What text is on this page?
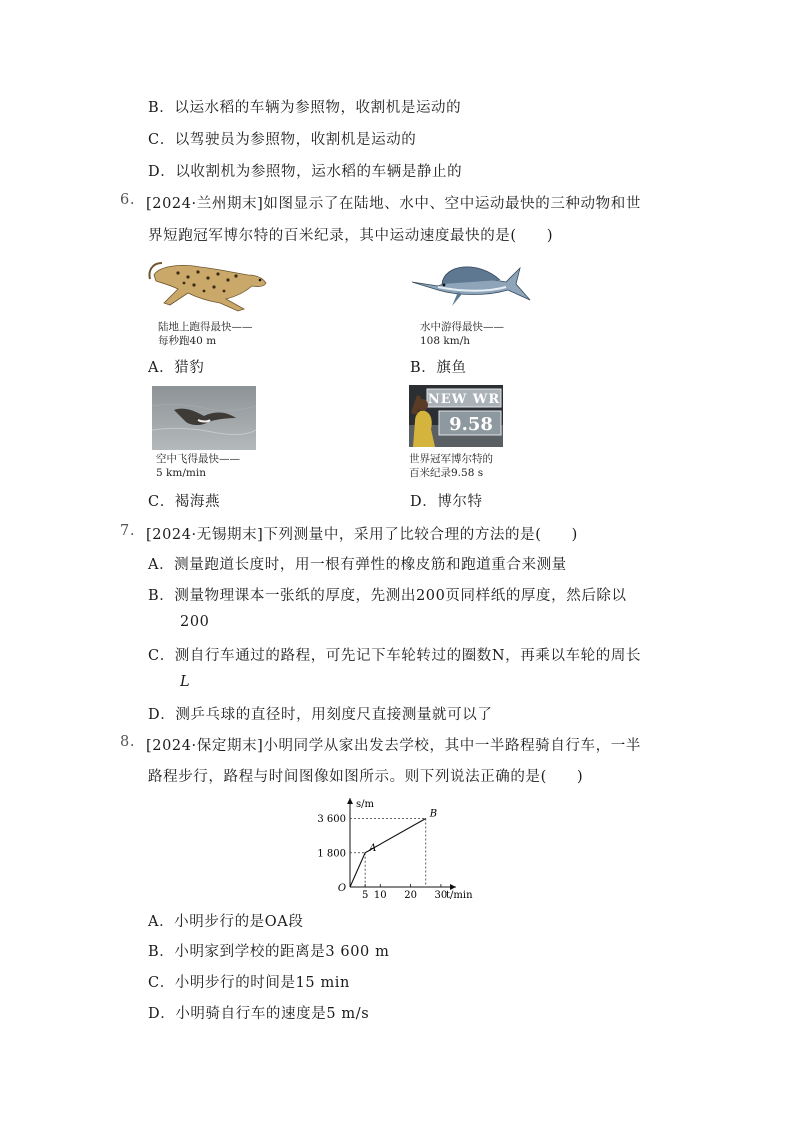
B．以运水稻的车辆为参照物，收割机是运动的
C．以驾驶员为参照物，收割机是运动的
D．以收割机为参照物，运水稻的车辆是静止的
6. [2024·兰州期末]如图显示了在陆地、水中、空中运动最快的三种动物和世
界短跑冠军博尔特的百米纪录，其中运动速度最快的是(　　)
陆地上跑得最快——
每秒跑40 m
A．猎豹
水中游得最快——
108 km/h
B．旗鱼
空中飞得最快——
5 km/min
C．褐海燕
NEW WR
9.58
世界冠军博尔特的
百米纪录9.58 s
D．博尔特
7. [2024·无锡期末]下列测量中，采用了比较合理的方法的是(　　)
A．测量跑道长度时，用一根有弹性的橡皮筋和跑道重合来测量
B．测量物理课本一张纸的厚度，先测出200页同样纸的厚度，然后除以
200
C．测自行车通过的路程，可先记下车轮转过的圈数N，再乘以车轮的周长
L
D．测乒乓球的直径时，用刻度尺直接测量就可以了
8. [2024·保定期末]小明同学从家出发去学校，其中一半路程骑自行车，一半
路程步行，路程与时间图像如图所示。则下列说法正确的是(　　)
5 10 20 30
1 800
3 600
A
B
O
s/m
t/min
A．小明步行的是OA段
B．小明家到学校的距离是3 600 m
C．小明步行的时间是15 min
D．小明骑自行车的速度是5 m/s
